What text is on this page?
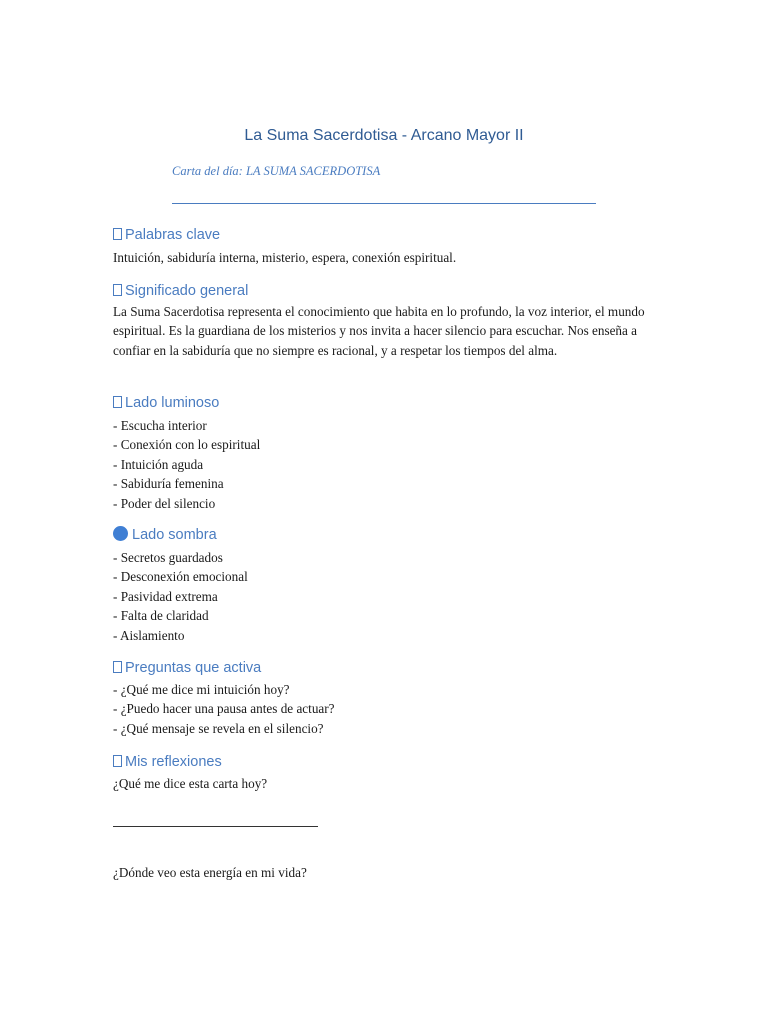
La Suma Sacerdotisa - Arcano Mayor II
Carta del día: LA SUMA SACERDOTISA
Palabras clave
Intuición, sabiduría interna, misterio, espera, conexión espiritual.
Significado general
La Suma Sacerdotisa representa el conocimiento que habita en lo profundo, la voz interior, el mundo espiritual. Es la guardiana de los misterios y nos invita a hacer silencio para escuchar. Nos enseña a confiar en la sabiduría que no siempre es racional, y a respetar los tiempos del alma.
Lado luminoso
- Escucha interior
- Conexión con lo espiritual
- Intuición aguda
- Sabiduría femenina
- Poder del silencio
Lado sombra
- Secretos guardados
- Desconexión emocional
- Pasividad extrema
- Falta de claridad
- Aislamiento
Preguntas que activa
- ¿Qué me dice mi intuición hoy?
- ¿Puedo hacer una pausa antes de actuar?
- ¿Qué mensaje se revela en el silencio?
Mis reflexiones
¿Qué me dice esta carta hoy?
¿Dónde veo esta energía en mi vida?
